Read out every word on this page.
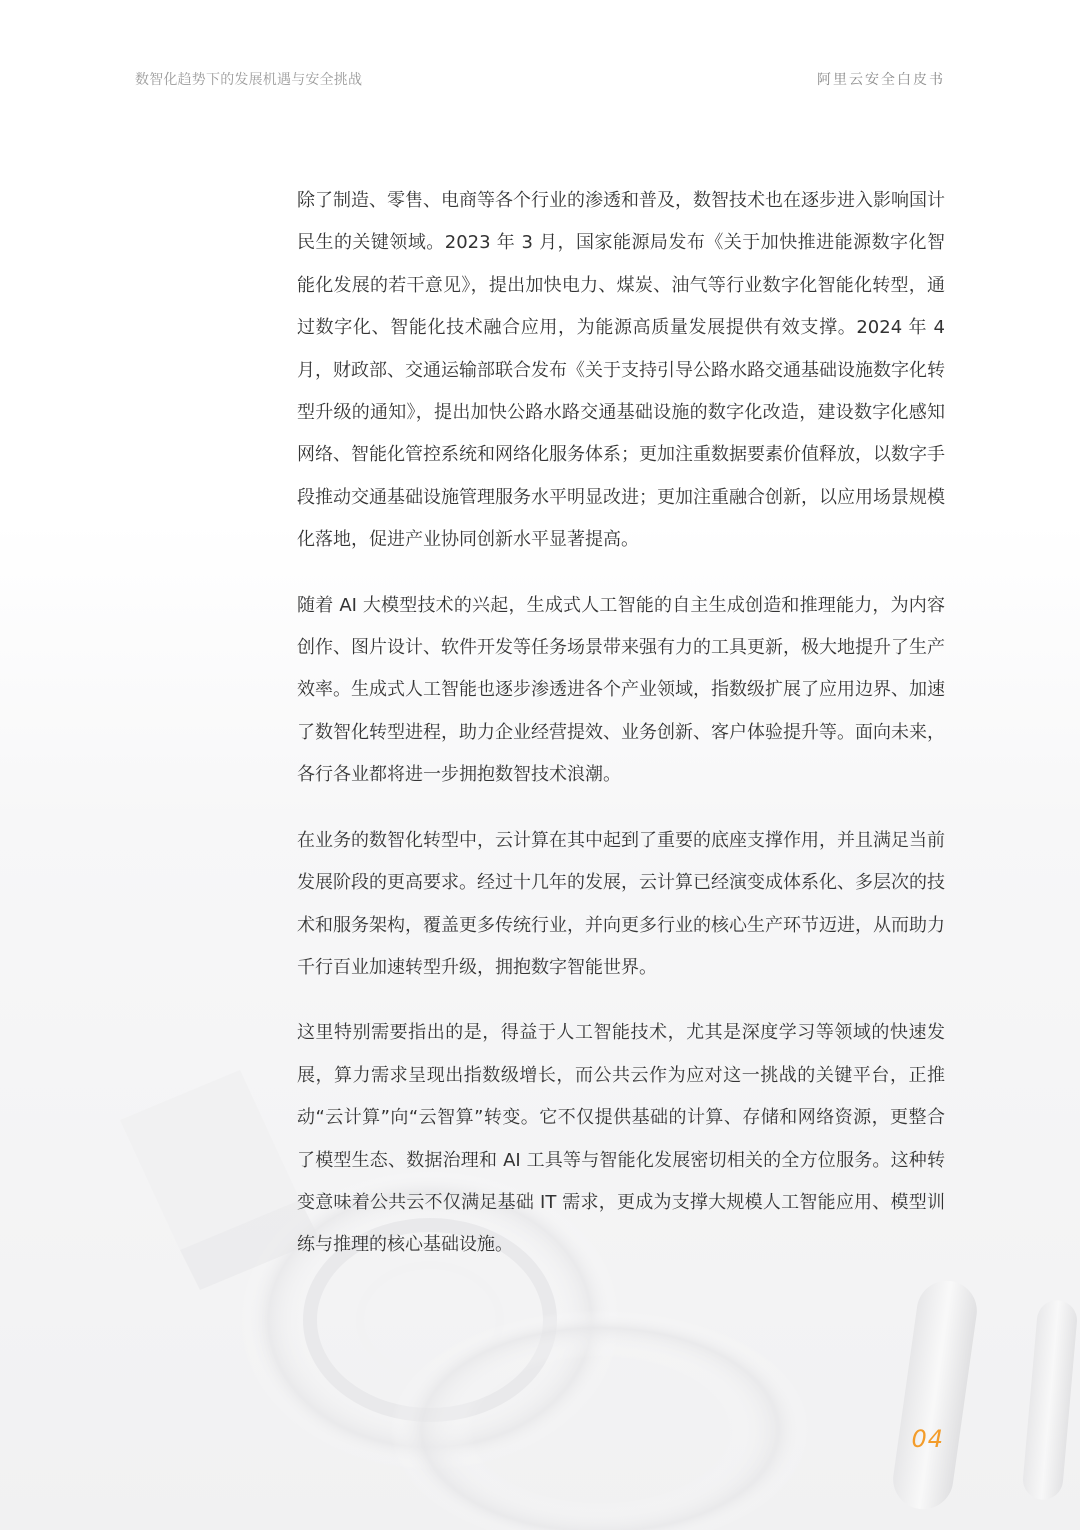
数智化趋势下的发展机遇与安全挑战	阿里云安全白皮书

除了制造、零售、电商等各个行业的渗透和普及，数智技术也在逐步进入影响国计民生的关键领域。2023 年 3 月，国家能源局发布《关于加快推进能源数字化智能化发展的若干意见》，提出加快电力、煤炭、油气等行业数字化智能化转型，通过数字化、智能化技术融合应用，为能源高质量发展提供有效支撑。2024 年 4 月，财政部、交通运输部联合发布《关于支持引导公路水路交通基础设施数字化转型升级的通知》，提出加快公路水路交通基础设施的数字化改造，建设数字化感知网络、智能化管控系统和网络化服务体系；更加注重数据要素价值释放，以数字手段推动交通基础设施管理服务水平明显改进；更加注重融合创新，以应用场景规模化落地，促进产业协同创新水平显著提高。

随着 AI 大模型技术的兴起，生成式人工智能的自主生成创造和推理能力，为内容创作、图片设计、软件开发等任务场景带来强有力的工具更新，极大地提升了生产效率。生成式人工智能也逐步渗透进各个产业领域，指数级扩展了应用边界、加速了数智化转型进程，助力企业经营提效、业务创新、客户体验提升等。面向未来，各行各业都将进一步拥抱数智技术浪潮。

在业务的数智化转型中，云计算在其中起到了重要的底座支撑作用，并且满足当前发展阶段的更高要求。经过十几年的发展，云计算已经演变成体系化、多层次的技术和服务架构，覆盖更多传统行业，并向更多行业的核心生产环节迈进，从而助力千行百业加速转型升级，拥抱数字智能世界。

这里特别需要指出的是，得益于人工智能技术，尤其是深度学习等领域的快速发展，算力需求呈现出指数级增长，而公共云作为应对这一挑战的关键平台，正推动“云计算”向“云智算”转变。它不仅提供基础的计算、存储和网络资源，更整合了模型生态、数据治理和 AI 工具等与智能化发展密切相关的全方位服务。这种转变意味着公共云不仅满足基础 IT 需求，更成为支撑大规模人工智能应用、模型训练与推理的核心基础设施。

04
